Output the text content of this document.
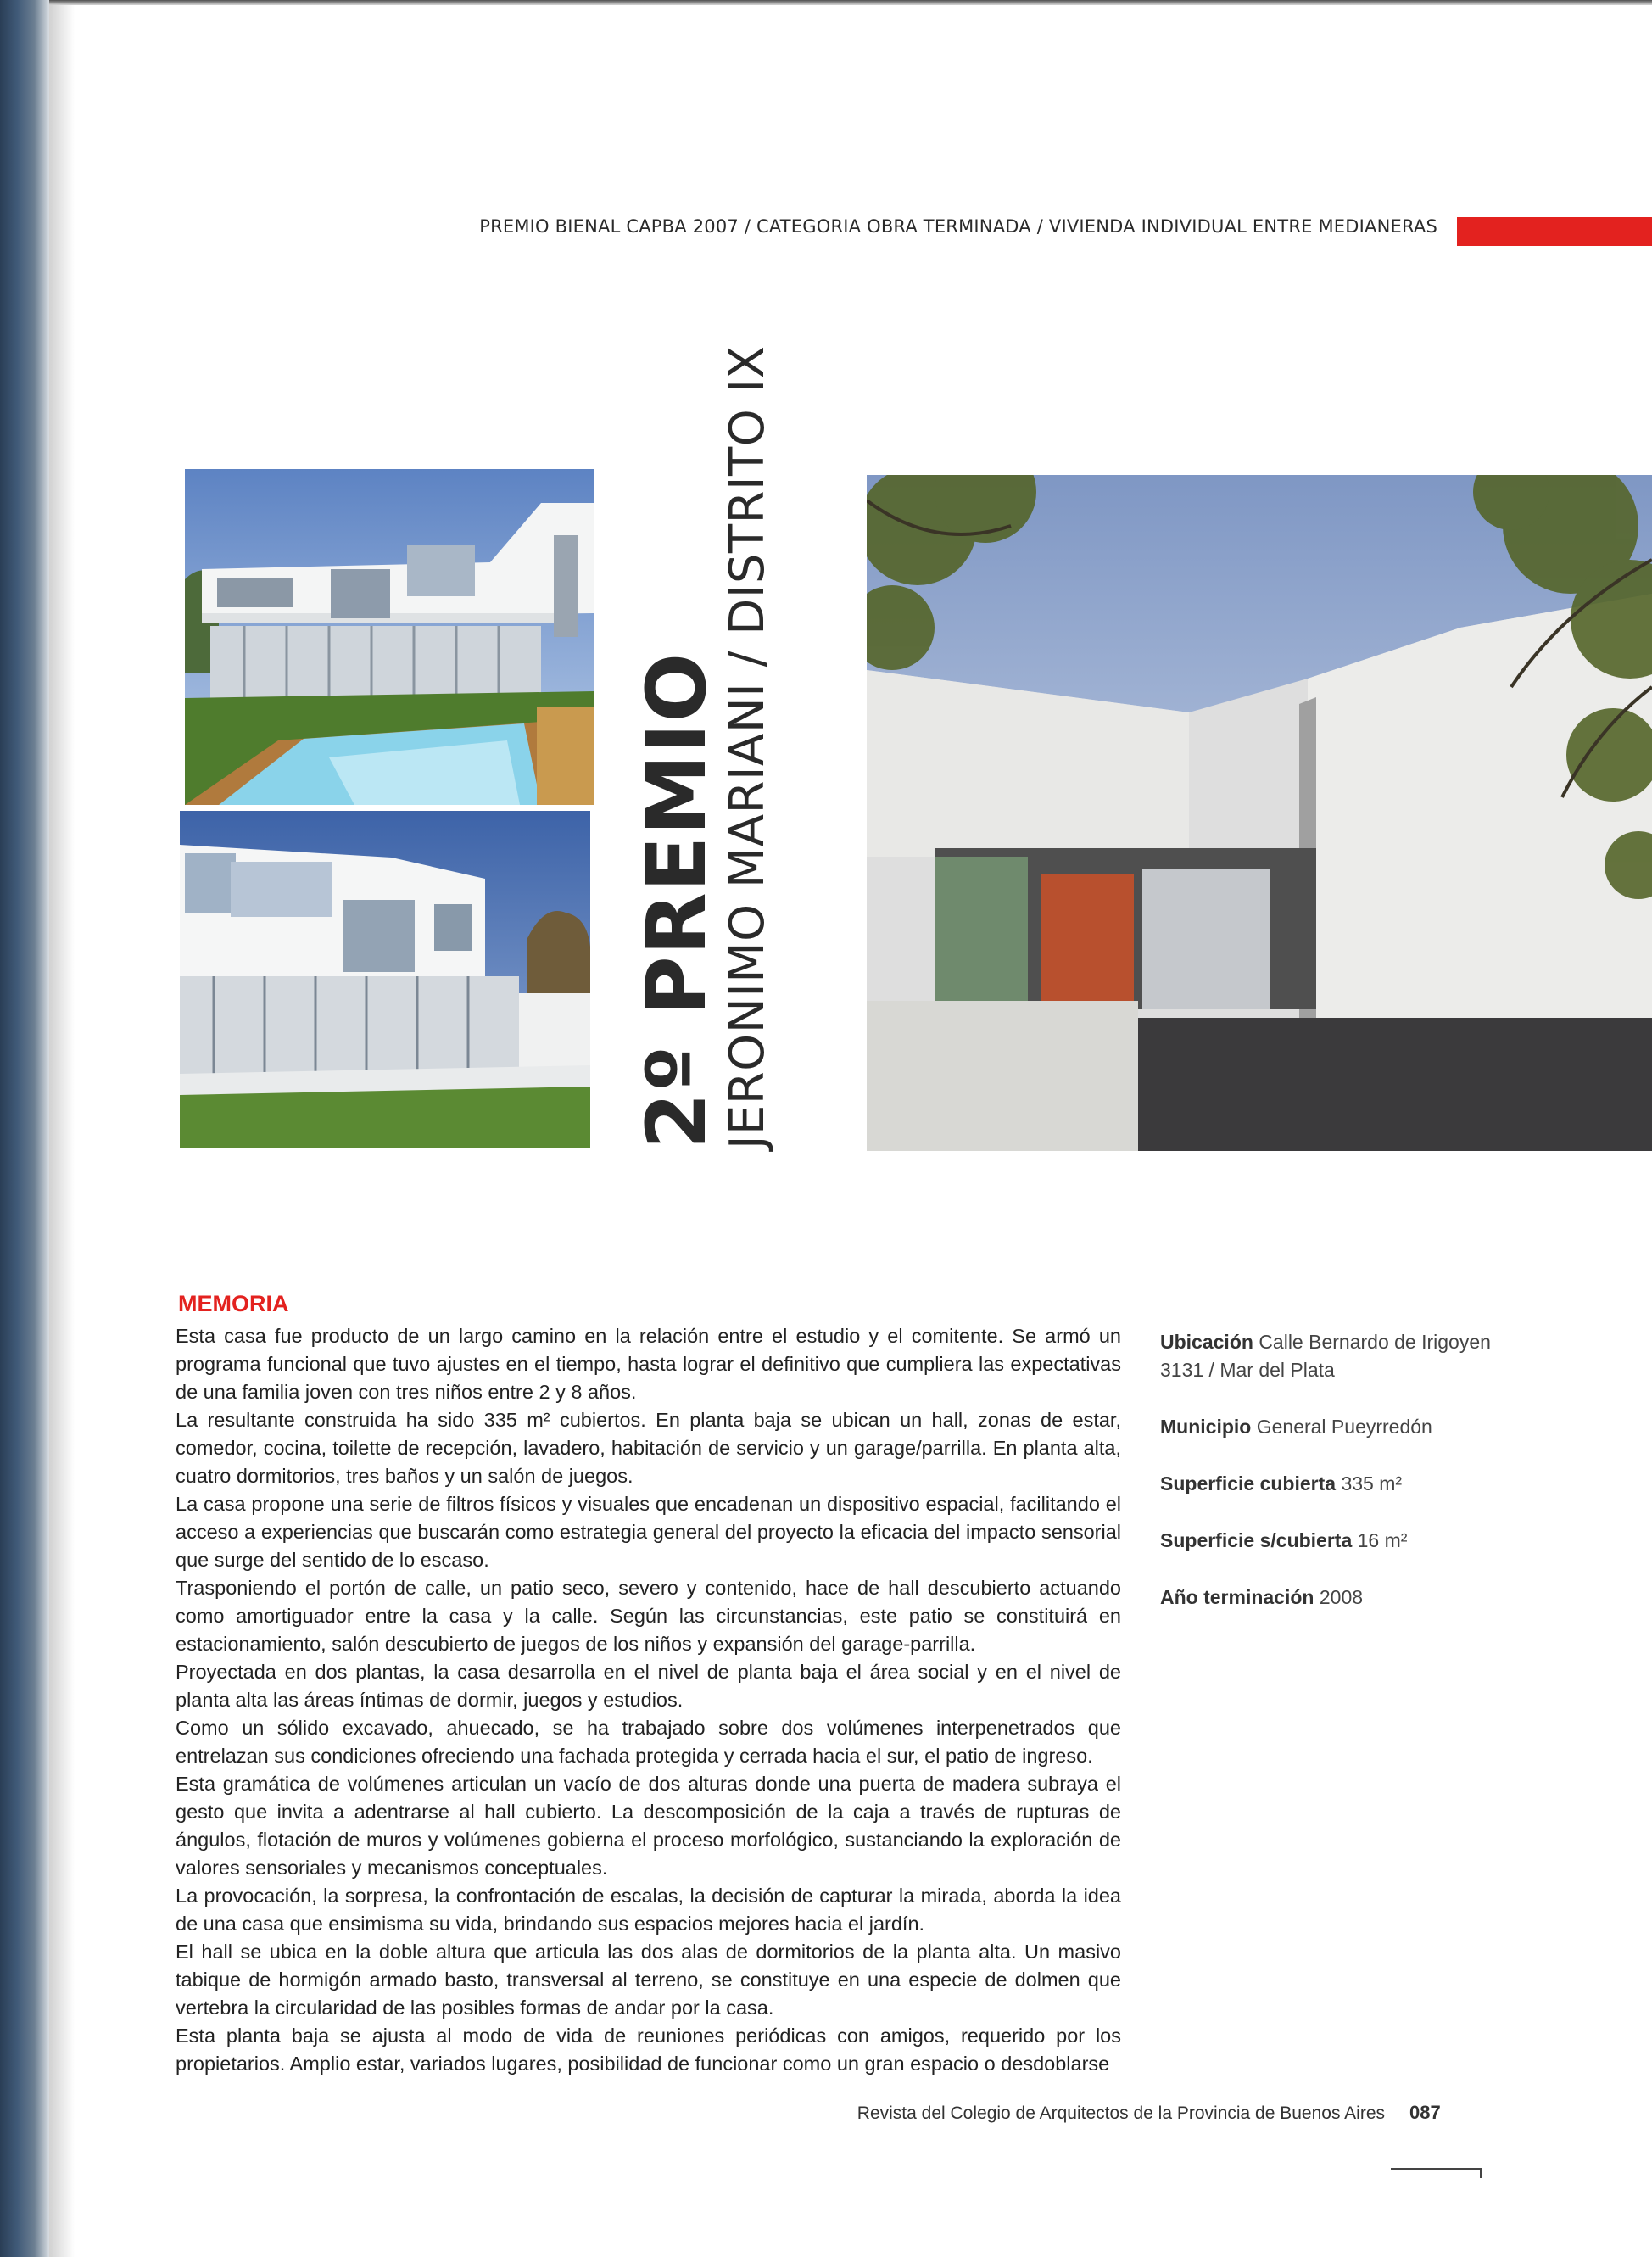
PREMIO BIENAL CAPBA 2007 / CATEGORIA OBRA TERMINADA / VIVIENDA INDIVIDUAL ENTRE MEDIANERAS
2º PREMIO
JERONIMO MARIANI / DISTRITO IX
MEMORIA

Esta casa fue producto de un largo camino en la relación entre el estudio y el comitente. Se armó un programa funcional que tuvo ajustes en el tiempo, hasta lograr el definitivo que cumpliera las expectativas de una familia joven con tres niños entre 2 y 8 años.

La resultante construida ha sido 335 m² cubiertos. En planta baja se ubican un hall, zonas de estar, comedor, cocina, toilette de recepción, lavadero, habitación de servicio y un garage/parrilla. En planta alta, cuatro dormitorios, tres baños y un salón de juegos.

La casa propone una serie de filtros físicos y visuales que encadenan un dispositivo espacial, facilitando el acceso a experiencias que buscarán como estrategia general del proyecto la eficacia del impacto sensorial que surge del sentido de lo escaso.

Trasponiendo el portón de calle, un patio seco, severo y contenido, hace de hall descubierto actuando como amortiguador entre la casa y la calle. Según las circunstancias, este patio se constituirá en estacionamiento, salón descubierto de juegos de los niños y expansión del garage-parrilla.

Proyectada en dos plantas, la casa desarrolla en el nivel de planta baja el área social y en el nivel de planta alta las áreas íntimas de dormir, juegos y estudios.

Como un sólido excavado, ahuecado, se ha trabajado sobre dos volúmenes interpenetrados que entrelazan sus condiciones ofreciendo una fachada protegida y cerrada hacia el sur, el patio de ingreso.

Esta gramática de volúmenes articulan un vacío de dos alturas donde una puerta de madera subraya el gesto que invita a adentrarse al hall cubierto. La descomposición de la caja a través de rupturas de ángulos, flotación de muros y volúmenes gobierna el proceso morfológico, sustanciando la exploración de valores sensoriales y mecanismos conceptuales.

La provocación, la sorpresa, la confrontación de escalas, la decisión de capturar la mirada, aborda la idea de una casa que ensimisma su vida, brindando sus espacios mejores hacia el jardín.

El hall se ubica en la doble altura que articula las dos alas de dormitorios de la planta alta. Un masivo tabique de hormigón armado basto, transversal al terreno, se constituye en una especie de dolmen que vertebra la circularidad de las posibles formas de andar por la casa.

Esta planta baja se ajusta al modo de vida de reuniones periódicas con amigos, requerido por los propietarios. Amplio estar, variados lugares, posibilidad de funcionar como un gran espacio o desdoblarse

Ubicación Calle Bernardo de Irigoyen 3131 / Mar del Plata

Municipio General Pueyrredón

Superficie cubierta 335 m²

Superficie s/cubierta 16 m²

Año terminación 2008

Revista del Colegio de Arquitectos de la Provincia de Buenos Aires 087
